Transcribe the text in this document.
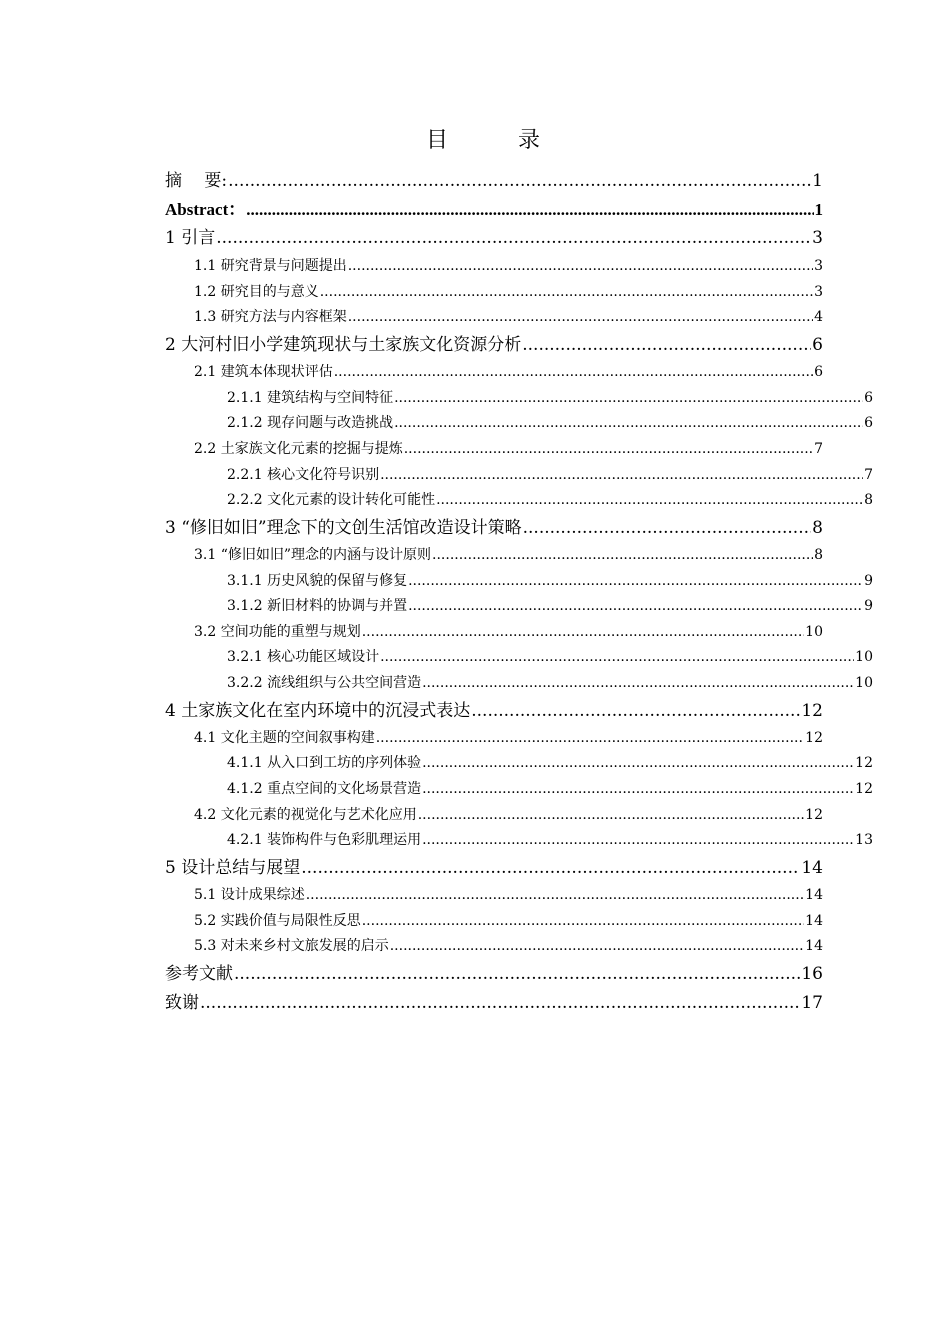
目　录
摘　 要: .....	1
Abstract： .....	1
1 引言 .....	3
1.1 研究背景与问题提出 .....	3
1.2 研究目的与意义 .....	3
1.3 研究方法与内容框架 .....	4
2 大河村旧小学建筑现状与土家族文化资源分析 .....	6
2.1 建筑本体现状评估 .....	6
2.1.1 建筑结构与空间特征 .....	6
2.1.2 现存问题与改造挑战 .....	6
2.2 土家族文化元素的挖掘与提炼 .....	7
2.2.1 核心文化符号识别 .....	7
2.2.2 文化元素的设计转化可能性 .....	8
3 “修旧如旧”理念下的文创生活馆改造设计策略 .....	8
3.1 “修旧如旧”理念的内涵与设计原则 .....	8
3.1.1 历史风貌的保留与修复 .....	9
3.1.2 新旧材料的协调与并置 .....	9
3.2 空间功能的重塑与规划 .....	10
3.2.1 核心功能区域设计 .....	10
3.2.2 流线组织与公共空间营造 .....	10
4 土家族文化在室内环境中的沉浸式表达 .....	12
4.1 文化主题的空间叙事构建 .....	12
4.1.1 从入口到工坊的序列体验 .....	12
4.1.2 重点空间的文化场景营造 .....	12
4.2 文化元素的视觉化与艺术化应用 .....	12
4.2.1 装饰构件与色彩肌理运用 .....	13
5 设计总结与展望 .....	14
5.1 设计成果综述 .....	14
5.2 实践价值与局限性反思 .....	14
5.3 对未来乡村文旅发展的启示 .....	14
参考文献 .....	16
致谢 .....	17
